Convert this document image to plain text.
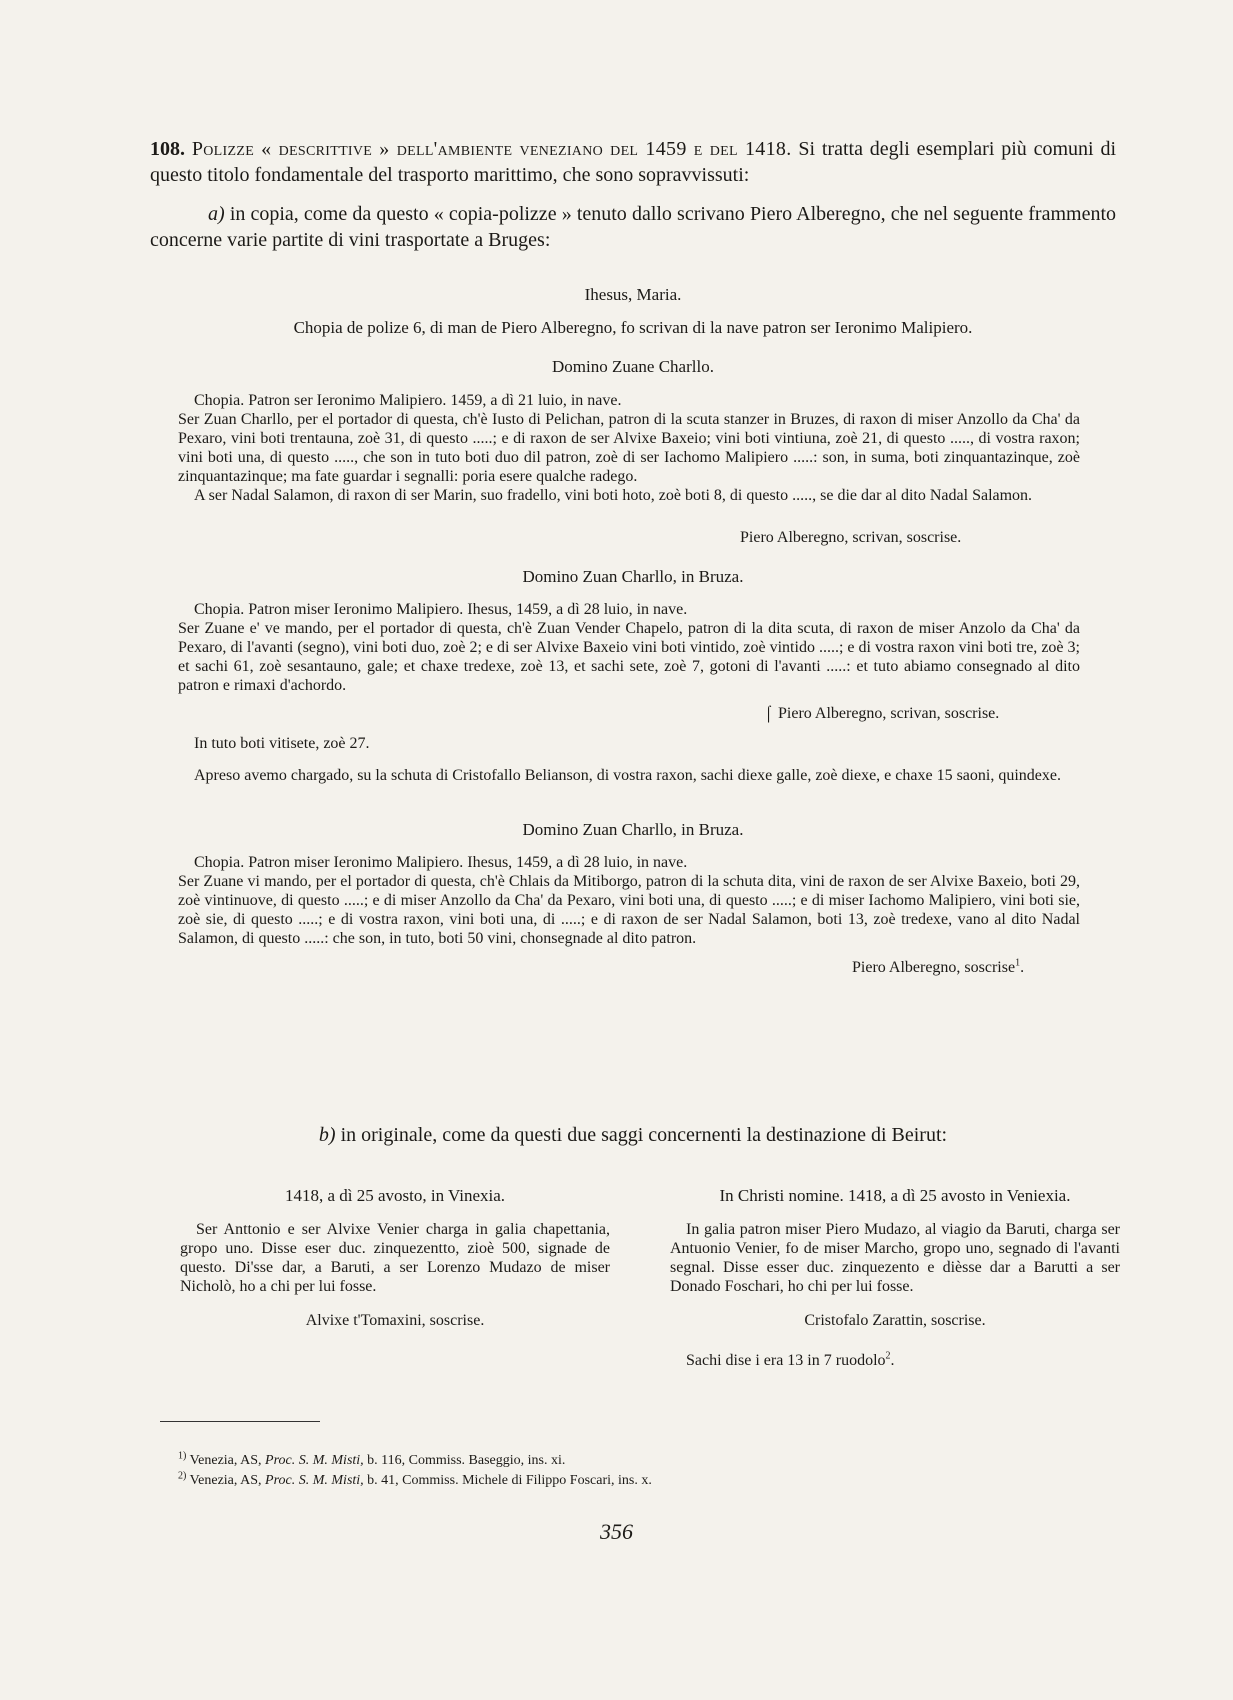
108. Polizze « descrittive » dell'ambiente veneziano del 1459 e del 1418. Si tratta degli esemplari più comuni di questo titolo fondamentale del trasporto marittimo, che sono sopravvissuti:
a) in copia, come da questo « copia-polizze » tenuto dallo scrivano Piero Alberegno, che nel seguente frammento concerne varie partite di vini trasportate a Bruges:
Ihesus, Maria.
Chopia de polize 6, di man de Piero Alberegno, fo scrivan di la nave patron ser Ieronimo Malipiero.
Domino Zuane Charllo.

Chopia. Patron ser Ieronimo Malipiero. 1459, a dì 21 luio, in nave.

Ser Zuan Charllo, per el portador di questa, ch'è Iusto di Pelichan, patron di la scuta stanzer in Bruzes, di raxon di miser Anzollo da Cha' da Pexaro, vini boti trentauna, zoè 31, di questo .....; e di raxon de ser Alvixe Baxeio; vini boti vintiuna, zoè 21, di questo ....., di vostra raxon; vini boti una, di questo ....., che son in tuto boti duo dil patron, zoè di ser Iachomo Malipiero .....: son, in suma, boti zinquantazinque, zoè zinquantazinque; ma fate guardar i segnalli: poria esere qualche radego.

A ser Nadal Salamon, di raxon di ser Marin, suo fradello, vini boti hoto, zoè boti 8, di questo ....., se die dar al dito Nadal Salamon.

Piero Alberegno, scrivan, soscrise.
Domino Zuan Charllo, in Bruza.

Chopia. Patron miser Ieronimo Malipiero. Ihesus, 1459, a dì 28 luio, in nave.

Ser Zuane e' ve mando, per el portador di questa, ch'è Zuan Vender Chapelo, patron di la dita scuta, di raxon de miser Anzolo da Cha' da Pexaro, di l'avanti (segno), vini boti duo, zoè 2; e di ser Alvixe Baxeio vini boti vintido, zoè vintido .....; e di vostra raxon vini boti tre, zoè 3; et sachi 61, zoè sesantauno, gale; et chaxe tredexe, zoè 13, et sachi sete, zoè 7, gotoni di l'avanti .....: et tuto abiamo consegnado al dito patron e rimaxi d'achordo.

⌠ Piero Alberegno, scrivan, soscrise.
In tuto boti vitisete, zoè 27.

Apreso avemo chargado, su la schuta di Cristofallo Belianson, di vostra raxon, sachi diexe galle, zoè diexe, e chaxe 15 saoni, quindexe.

Domino Zuan Charllo, in Bruza.

Chopia. Patron miser Ieronimo Malipiero. Ihesus, 1459, a dì 28 luio, in nave.

Ser Zuane vi mando, per el portador di questa, ch'è Chlais da Mitiborgo, patron di la schuta dita, vini de raxon de ser Alvixe Baxeio, boti 29, zoè vintinuove, di questo .....; e di miser Anzollo da Cha' da Pexaro, vini boti una, di questo .....; e di miser Iachomo Malipiero, vini boti sie, zoè sie, di questo .....; e di vostra raxon, vini boti una, di .....; e di raxon de ser Nadal Salamon, boti 13, zoè tredexe, vano al dito Nadal Salamon, di questo .....: che son, in tuto, boti 50 vini, chonsegnade al dito patron.

Piero Alberegno, soscrise$^1$.
b) in originale, come da questi due saggi concernenti la destinazione di Beirut:
1418, a dì 25 avosto, in Vinexia.
Ser Anttonio e ser Alvixe Venier charga in galia chapettania, gropo uno. Disse eser duc. zinquezentto, zioè 500, signade de questo. Di'sse dar, a Baruti, a ser Lorenzo Mudazo de miser Nicholò, ho a chi per lui fosse.
Alvixe t'Tomaxini, soscrise.
In Christi nomine. 1418, a dì 25 avosto in Veniexia.
In galia patron miser Piero Mudazo, al viagio da Baruti, charga ser Antuonio Venier, fo de miser Marcho, gropo uno, segnado di l'avanti segnal. Disse esser duc. zinquezento e dièsse dar a Barutti a ser Donado Foschari, ho chi per lui fosse.
Cristofalo Zarattin, soscrise.
Sachi dise i era 13 in 7 ruodolo$^2$.
$^{1)}$ Venezia, AS, Proc. S. M. Misti, b. 116, Commiss. Baseggio, ins. xi.
$^{2)}$ Venezia, AS, Proc. S. M. Misti, b. 41, Commiss. Michele di Filippo Foscari, ins. x.
356
